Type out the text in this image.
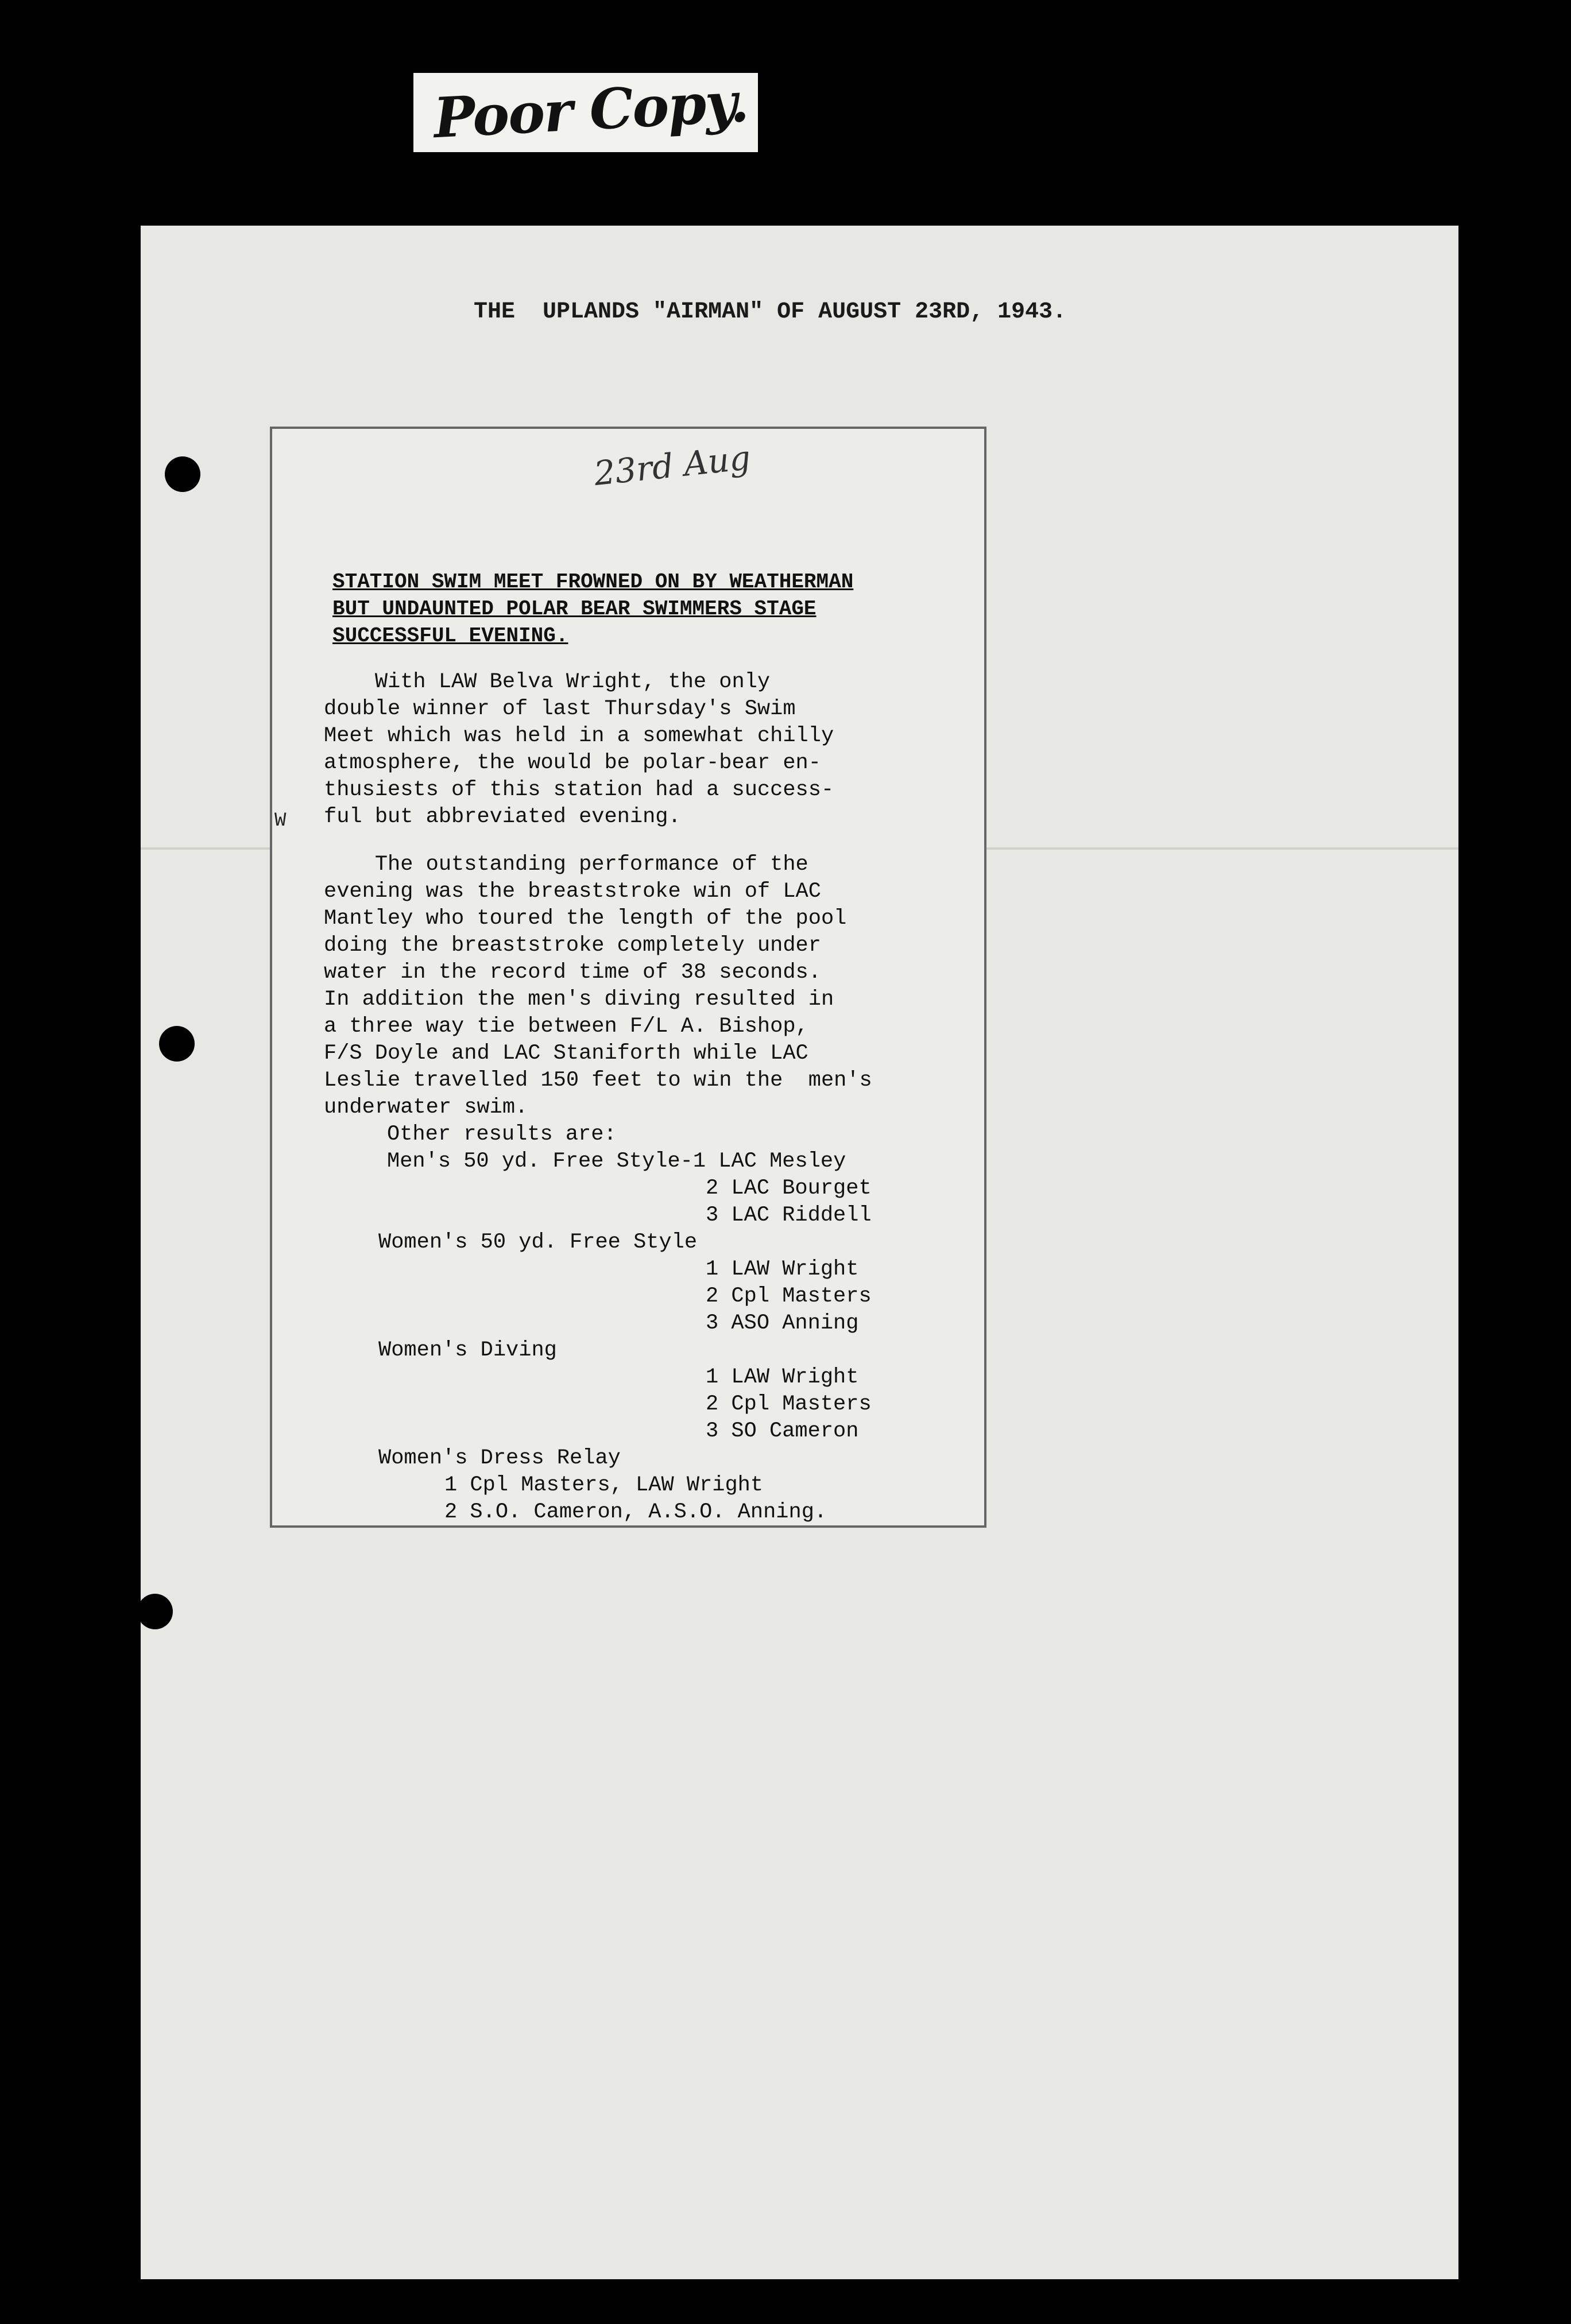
Poor Copy.
THE  UPLANDS "AIRMAN" OF AUGUST 23RD, 1943.
23rd Aug
STATION SWIM MEET FROWNED ON BY WEATHERMAN
BUT UNDAUNTED POLAR BEAR SWIMMERS STAGE
SUCCESSFUL EVENING.
With LAW Belva Wright, the only
double winner of last Thursday's Swim
Meet which was held in a somewhat chilly
atmosphere, the would be polar-bear en-
thusiests of this station had a success-
ful but abbreviated evening.
The outstanding performance of the
evening was the breaststroke win of LAC
Mantley who toured the length of the pool
doing the breaststroke completely under
water in the record time of 38 seconds.
In addition the men's diving resulted in
a three way tie between F/L A. Bishop,
F/S Doyle and LAC Staniforth while LAC
Leslie travelled 150 feet to win the  men's
underwater swim.
Other results are:
Men's 50 yd. Free Style-1 LAC Mesley
2 LAC Bourget
3 LAC Riddell
Women's 50 yd. Free Style
1 LAW Wright
2 Cpl Masters
3 ASO Anning
Women's Diving
1 LAW Wright
2 Cpl Masters
3 SO Cameron
Women's Dress Relay
1 Cpl Masters, LAW Wright
2 S.O. Cameron, A.S.O. Anning.
W
